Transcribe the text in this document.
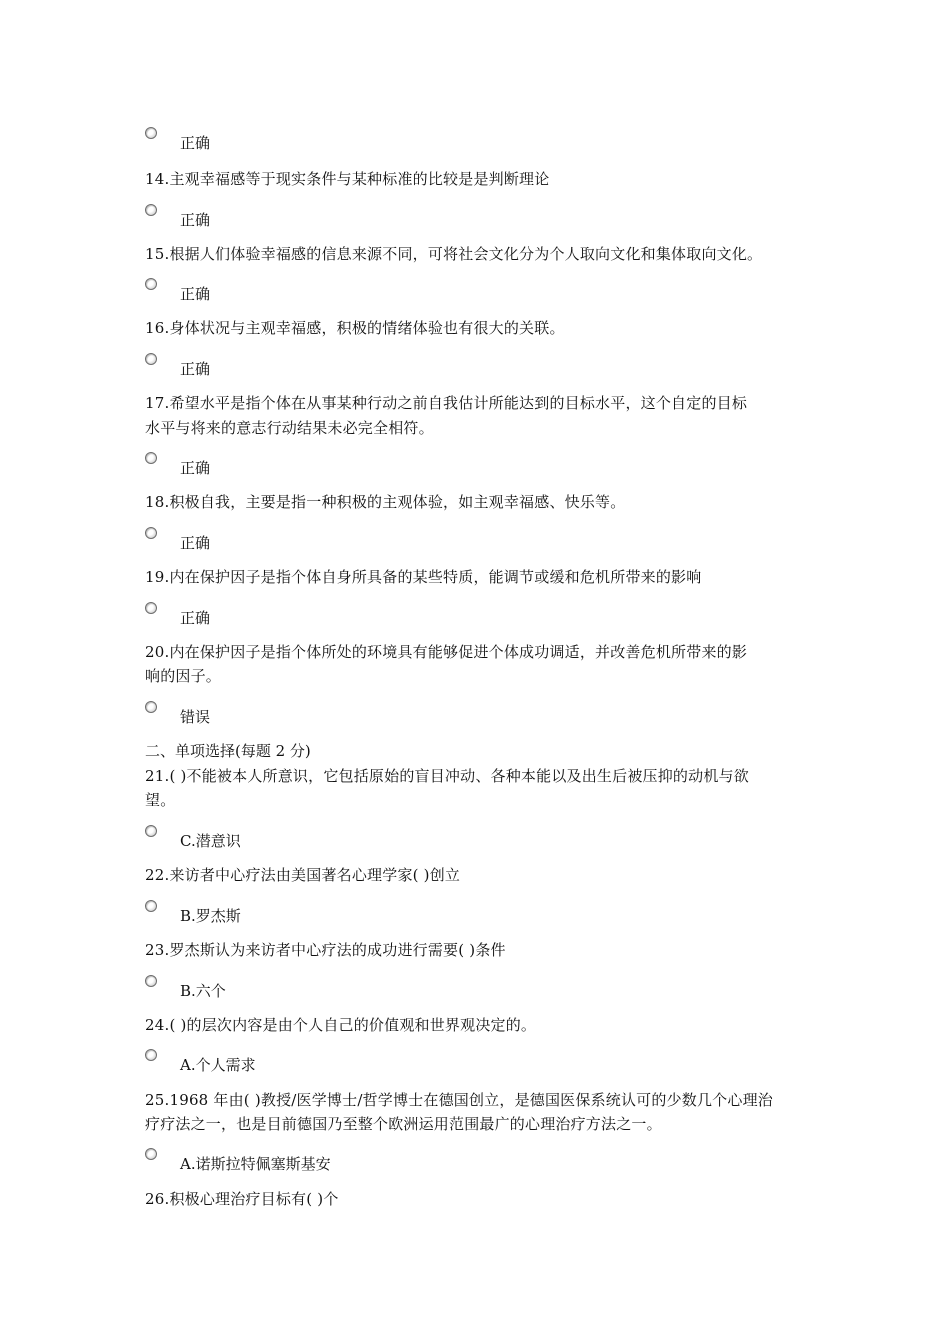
正确
14.主观幸福感等于现实条件与某种标准的比较是是判断理论
正确
15.根据人们体验幸福感的信息来源不同，可将社会文化分为个人取向文化和集体取向文化。
正确
16.身体状况与主观幸福感，积极的情绪体验也有很大的关联。
正确
17.希望水平是指个体在从事某种行动之前自我估计所能达到的目标水平，这个自定的目标
水平与将来的意志行动结果未必完全相符。
正确
18.积极自我，主要是指一种积极的主观体验，如主观幸福感、快乐等。
正确
19.内在保护因子是指个体自身所具备的某些特质，能调节或缓和危机所带来的影响
正确
20.内在保护因子是指个体所处的环境具有能够促进个体成功调适，并改善危机所带来的影
响的因子。
错误
二、单项选择(每题 2 分)
21.( )不能被本人所意识，它包括原始的盲目冲动、各种本能以及出生后被压抑的动机与欲
望。
C.潜意识
22.来访者中心疗法由美国著名心理学家( )创立
B.罗杰斯
23.罗杰斯认为来访者中心疗法的成功进行需要( )条件
B.六个
24.( )的层次内容是由个人自己的价值观和世界观决定的。
A.个人需求
25.1968 年由( )教授/医学博士/哲学博士在德国创立，是德国医保系统认可的少数几个心理治
疗疗法之一，也是目前德国乃至整个欧洲运用范围最广的心理治疗方法之一。
A.诺斯拉特佩塞斯基安
26.积极心理治疗目标有( )个
